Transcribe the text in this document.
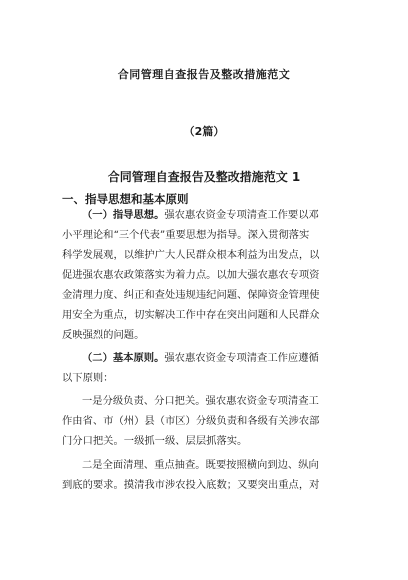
合同管理自查报告及整改措施范文
（2篇）
合同管理自查报告及整改措施范文 1
一、指导思想和基本原则
（一）指导思想。强农惠农资金专项清查工作要以邓
小平理论和“三个代表”重要思想为指导。深入贯彻落实
科学发展观，以维护广大人民群众根本利益为出发点，以
促进强农惠农政策落实为着力点。以加大强农惠农专项资
金清理力度、纠正和查处违规违纪问题、保障资金管理使
用安全为重点，切实解决工作中存在突出问题和人民群众
反映强烈的问题。
（二）基本原则。强农惠农资金专项清查工作应遵循
以下原则：
一是分级负责、分口把关。强农惠农资金专项清查工
作由省、市（州）县（市区）分级负责和各级有关涉农部
门分口把关。一级抓一级、层层抓落实。
二是全面清理、重点抽查。既要按照横向到边、纵向
到底的要求。摸清我市涉农投入底数；又要突出重点，对
